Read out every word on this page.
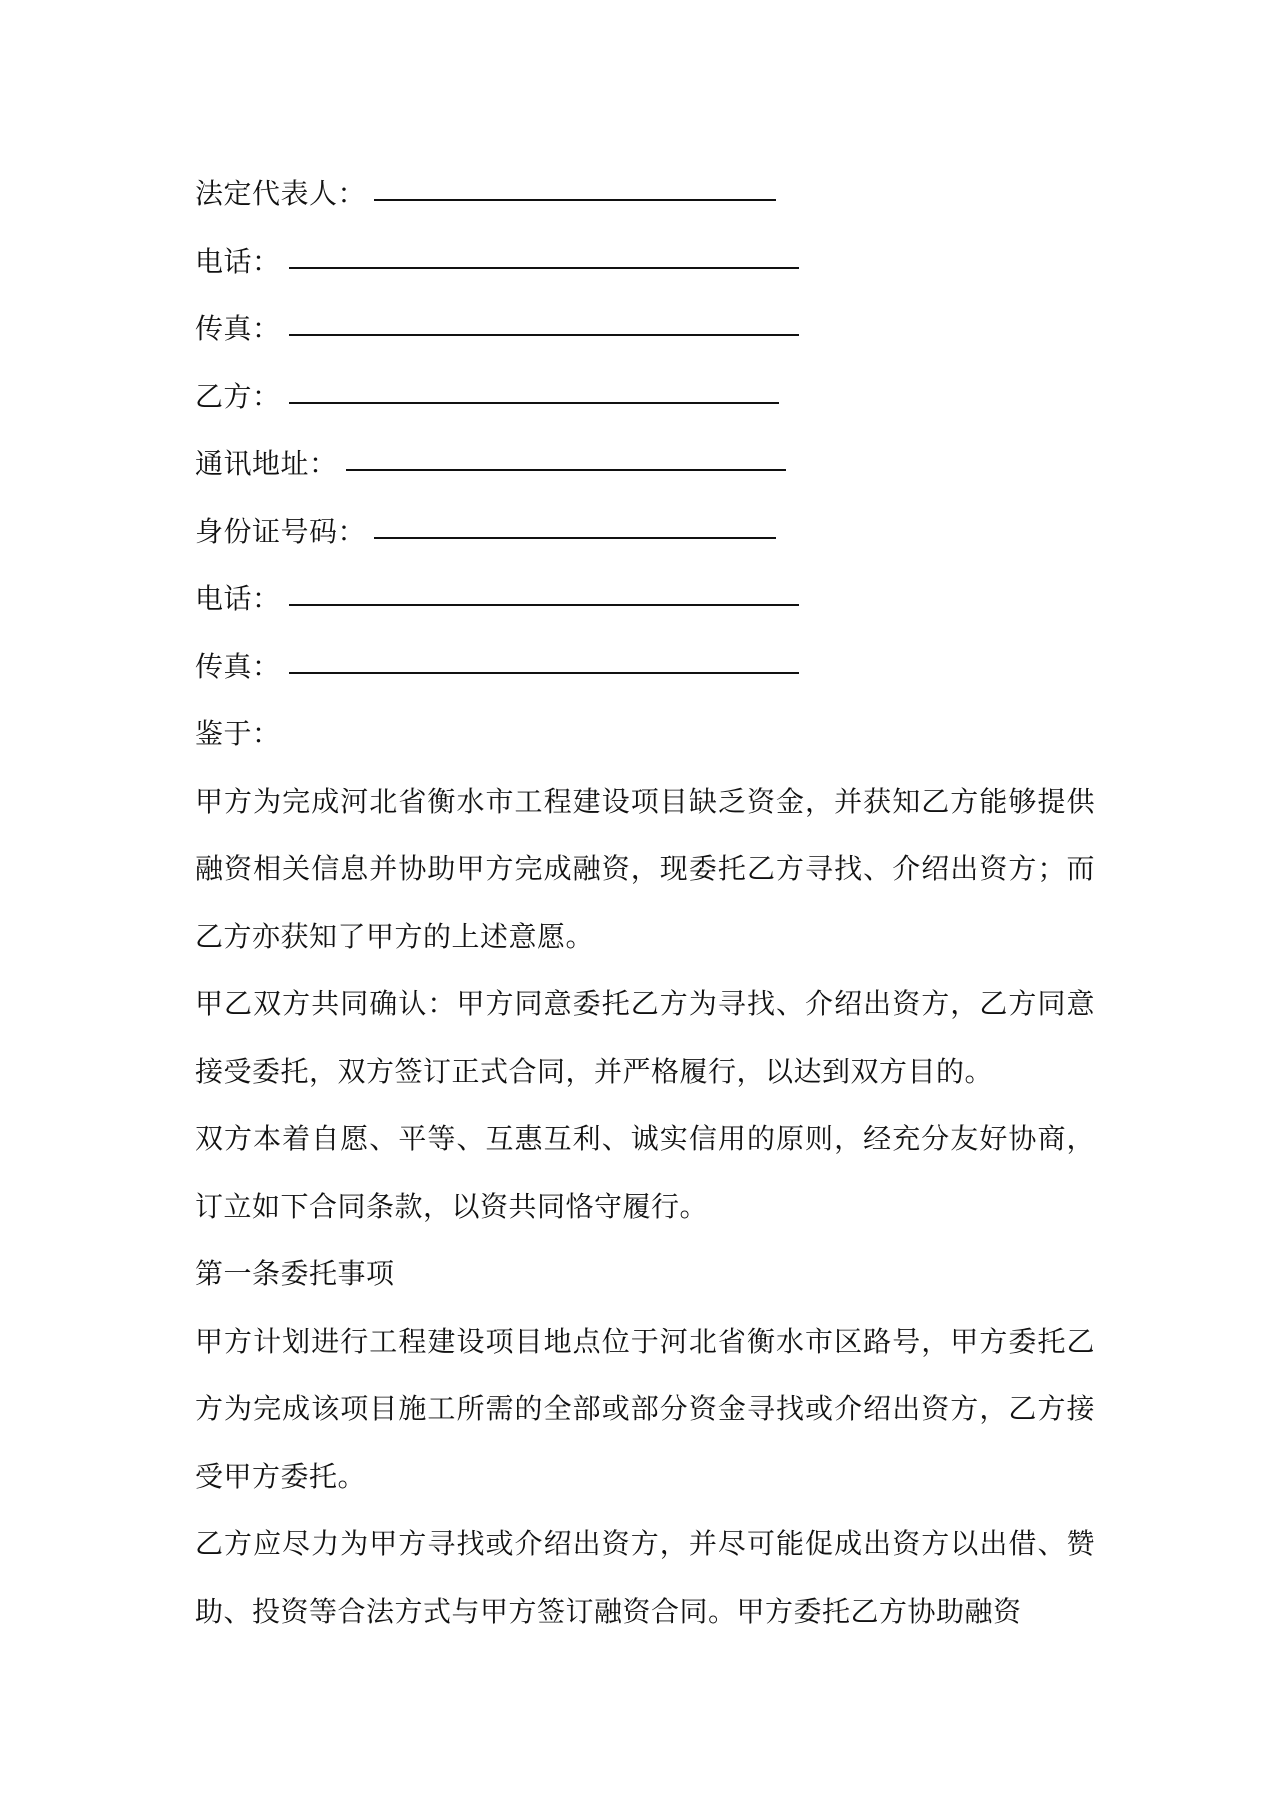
法定代表人：
电话：
传真：
乙方：
通讯地址：
身份证号码：
电话：
传真：
鉴于：
甲方为完成河北省衡水市工程建设项目缺乏资金，并获知乙方能够提供融资相关信息并协助甲方完成融资，现委托乙方寻找、介绍出资方；而乙方亦获知了甲方的上述意愿。
甲乙双方共同确认：甲方同意委托乙方为寻找、介绍出资方，乙方同意接受委托，双方签订正式合同，并严格履行，以达到双方目的。
双方本着自愿、平等、互惠互利、诚实信用的原则，经充分友好协商，订立如下合同条款，以资共同恪守履行。
第一条委托事项
甲方计划进行工程建设项目地点位于河北省衡水市区路号，甲方委托乙方为完成该项目施工所需的全部或部分资金寻找或介绍出资方，乙方接受甲方委托。
乙方应尽力为甲方寻找或介绍出资方，并尽可能促成出资方以出借、赞助、投资等合法方式与甲方签订融资合同。甲方委托乙方协助融资
